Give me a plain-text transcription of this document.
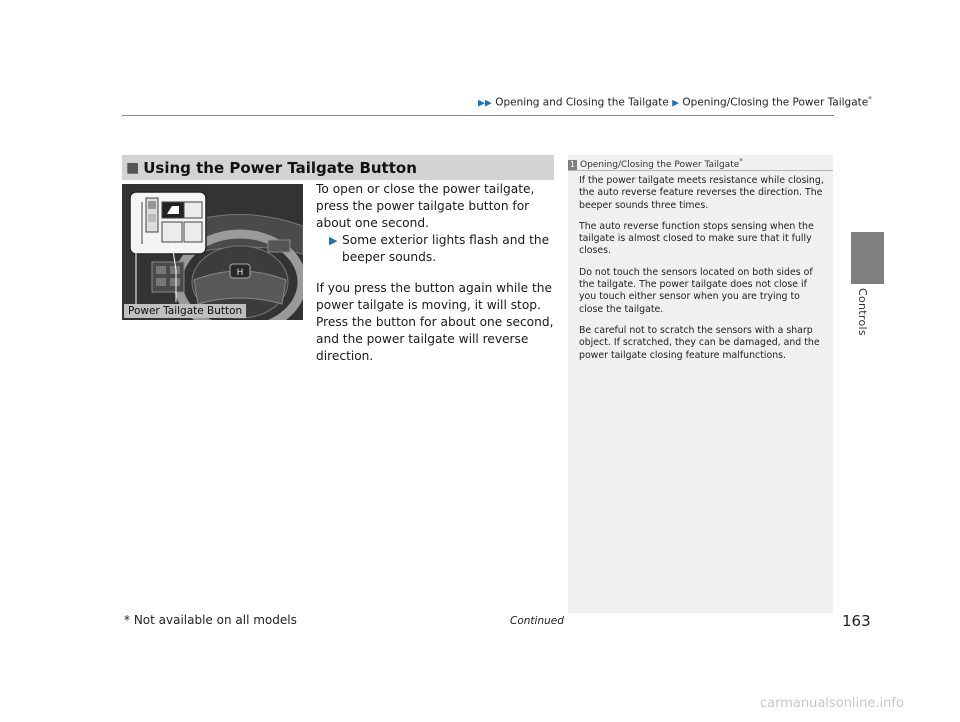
▶▶ Opening and Closing the Tailgate ▶ Opening/Closing the Power Tailgate*
Controls
■ Using the Power Tailgate Button
H
Power Tailgate Button

To open or close the power tailgate, press the power tailgate button for about one second.

▶ Some exterior lights flash and the beeper sounds.

If you press the button again while the power tailgate is moving, it will stop.

Press the button for about one second, and the power tailgate will reverse direction.

1 Opening/Closing the Power Tailgate*

If the power tailgate meets resistance while closing, the auto reverse feature reverses the direction. The beeper sounds three times.

The auto reverse function stops sensing when the tailgate is almost closed to make sure that it fully closes.

Do not touch the sensors located on both sides of the tailgate. The power tailgate does not close if you touch either sensor when you are trying to close the tailgate.

Be careful not to scratch the sensors with a sharp object. If scratched, they can be damaged, and the power tailgate closing feature malfunctions.

* Not available on all models	Continued	163
carmanualsonline.info
